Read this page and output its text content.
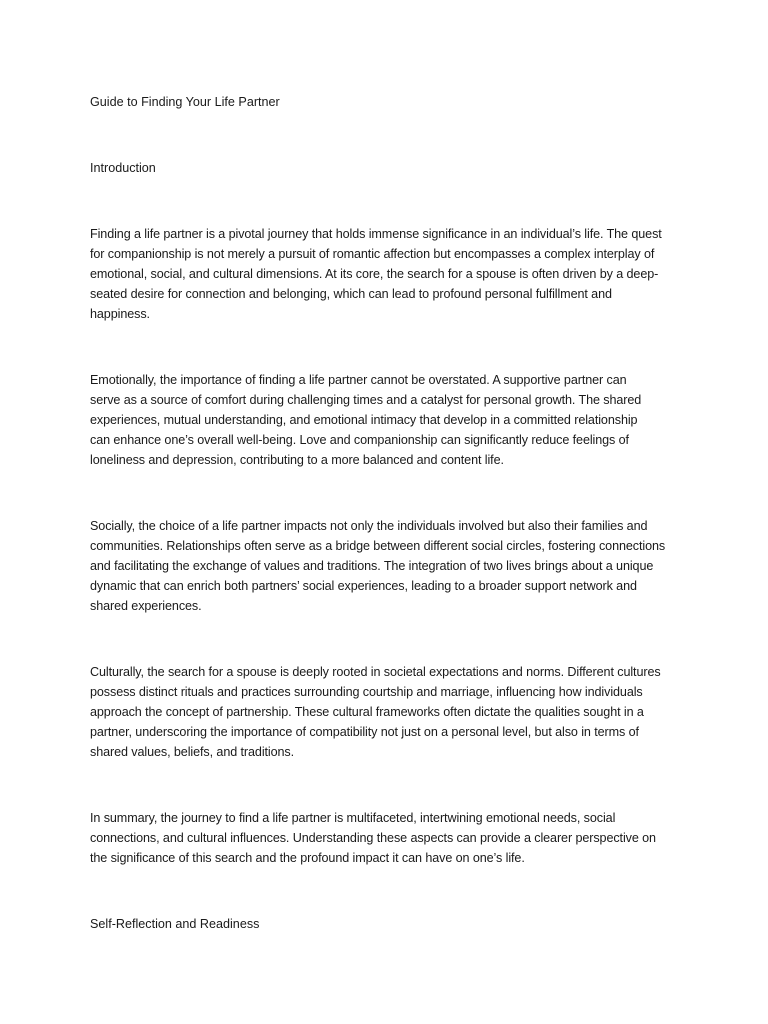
Guide to Finding Your Life Partner
Introduction
Finding a life partner is a pivotal journey that holds immense significance in an individual’s life. The quest
for companionship is not merely a pursuit of romantic affection but encompasses a complex interplay of
emotional, social, and cultural dimensions. At its core, the search for a spouse is often driven by a deep-
seated desire for connection and belonging, which can lead to profound personal fulfillment and
happiness.
Emotionally, the importance of finding a life partner cannot be overstated. A supportive partner can
serve as a source of comfort during challenging times and a catalyst for personal growth. The shared
experiences, mutual understanding, and emotional intimacy that develop in a committed relationship
can enhance one’s overall well-being. Love and companionship can significantly reduce feelings of
loneliness and depression, contributing to a more balanced and content life.
Socially, the choice of a life partner impacts not only the individuals involved but also their families and
communities. Relationships often serve as a bridge between different social circles, fostering connections
and facilitating the exchange of values and traditions. The integration of two lives brings about a unique
dynamic that can enrich both partners’ social experiences, leading to a broader support network and
shared experiences.
Culturally, the search for a spouse is deeply rooted in societal expectations and norms. Different cultures
possess distinct rituals and practices surrounding courtship and marriage, influencing how individuals
approach the concept of partnership. These cultural frameworks often dictate the qualities sought in a
partner, underscoring the importance of compatibility not just on a personal level, but also in terms of
shared values, beliefs, and traditions.
In summary, the journey to find a life partner is multifaceted, intertwining emotional needs, social
connections, and cultural influences. Understanding these aspects can provide a clearer perspective on
the significance of this search and the profound impact it can have on one’s life.
Self-Reflection and Readiness
